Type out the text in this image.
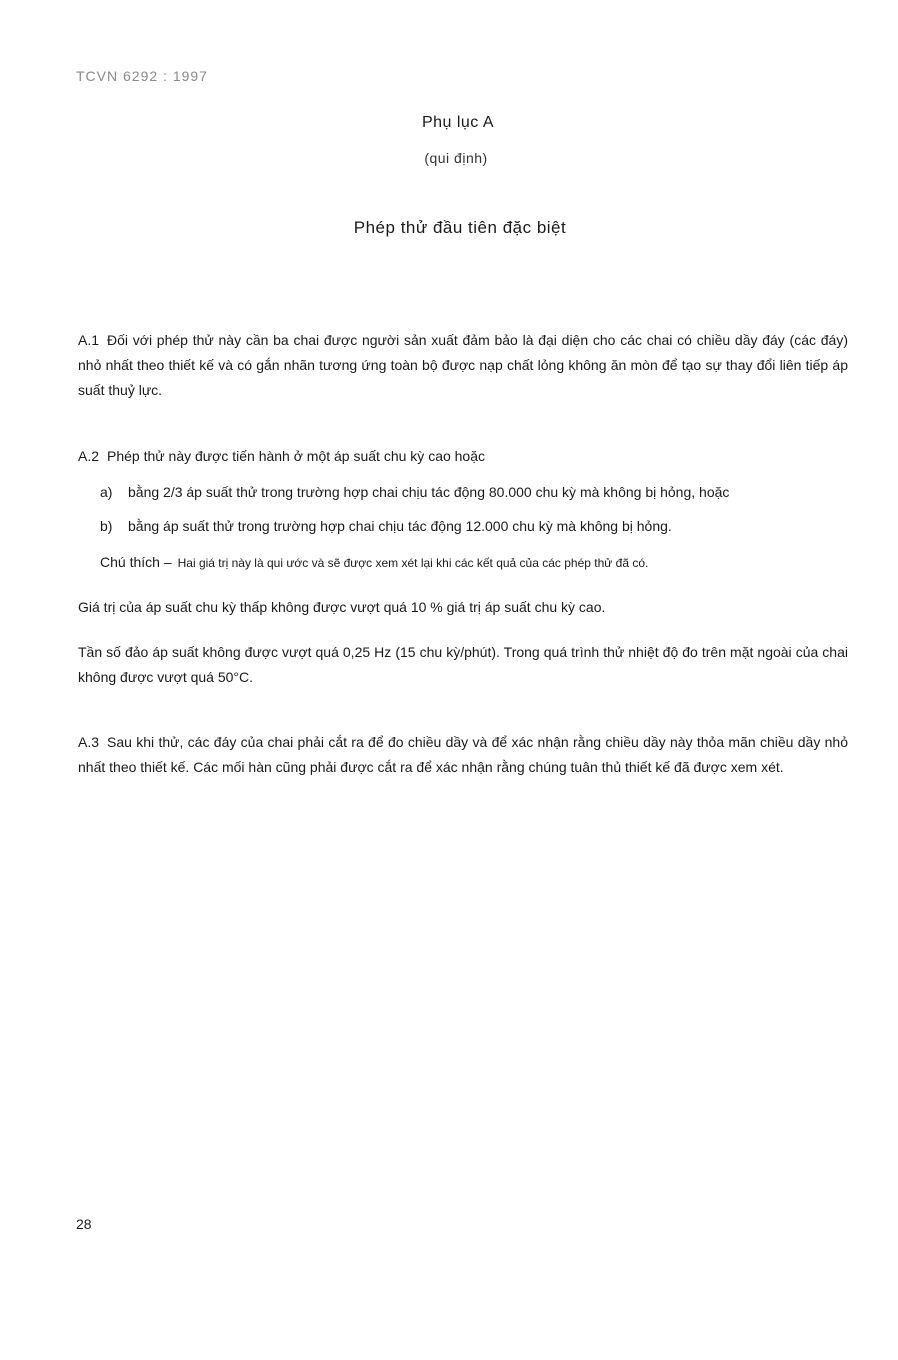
TCVN 6292 : 1997
Phụ lục A
(qui định)
Phép thử đầu tiên đặc biệt
A.1 Đối với phép thử này cần ba chai được người sản xuất đảm bảo là đại diện cho các chai có chiều dầy đáy (các đáy) nhỏ nhất theo thiết kế và có gắn nhãn tương ứng toàn bộ được nạp chất lỏng không ăn mòn để tạo sự thay đổi liên tiếp áp suất thuỷ lực.
A.2 Phép thử này được tiến hành ở một áp suất chu kỳ cao hoặc
a) bằng 2/3 áp suất thử trong trường hợp chai chịu tác động 80.000 chu kỳ mà không bị hỏng, hoặc
b) bằng áp suất thử trong trường hợp chai chịu tác động 12.000 chu kỳ mà không bị hỏng.
Chú thích – Hai giá trị này là qui ước và sẽ được xem xét lại khi các kết quả của các phép thử đã có.
Giá trị của áp suất chu kỳ thấp không được vượt quá 10 % giá trị áp suất chu kỳ cao.
Tần số đảo áp suất không được vượt quá 0,25 Hz (15 chu kỳ/phút). Trong quá trình thử nhiệt độ đo trên mặt ngoài của chai không được vượt quá 50°C.
A.3 Sau khi thử, các đáy của chai phải cắt ra để đo chiều dầy và để xác nhận rằng chiều dầy này thỏa mãn chiều dầy nhỏ nhất theo thiết kế. Các mối hàn cũng phải được cắt ra để xác nhận rằng chúng tuân thủ thiết kế đã được xem xét.
28
